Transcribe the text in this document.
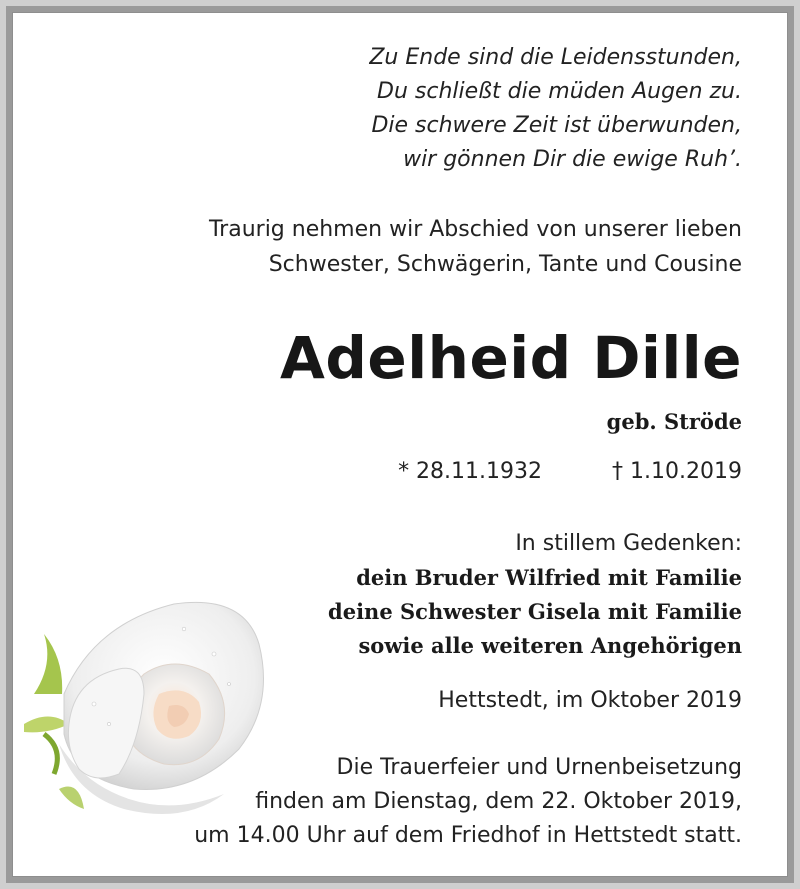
Zu Ende sind die Leidensstunden,
Du schließt die müden Augen zu.
Die schwere Zeit ist überwunden,
wir gönnen Dir die ewige Ruh’.
Traurig nehmen wir Abschied von unserer lieben
Schwester, Schwägerin, Tante und Cousine
Adelheid Dille
geb. Ströde
* 28.11.1932	† 1.10.2019
In stillem Gedenken:
dein Bruder Wilfried mit Familie
deine Schwester Gisela mit Familie
sowie alle weiteren Angehörigen
Hettstedt, im Oktober 2019
Die Trauerfeier und Urnenbeisetzung
finden am Dienstag, dem 22. Oktober 2019,
um 14.00 Uhr auf dem Friedhof in Hettstedt statt.
